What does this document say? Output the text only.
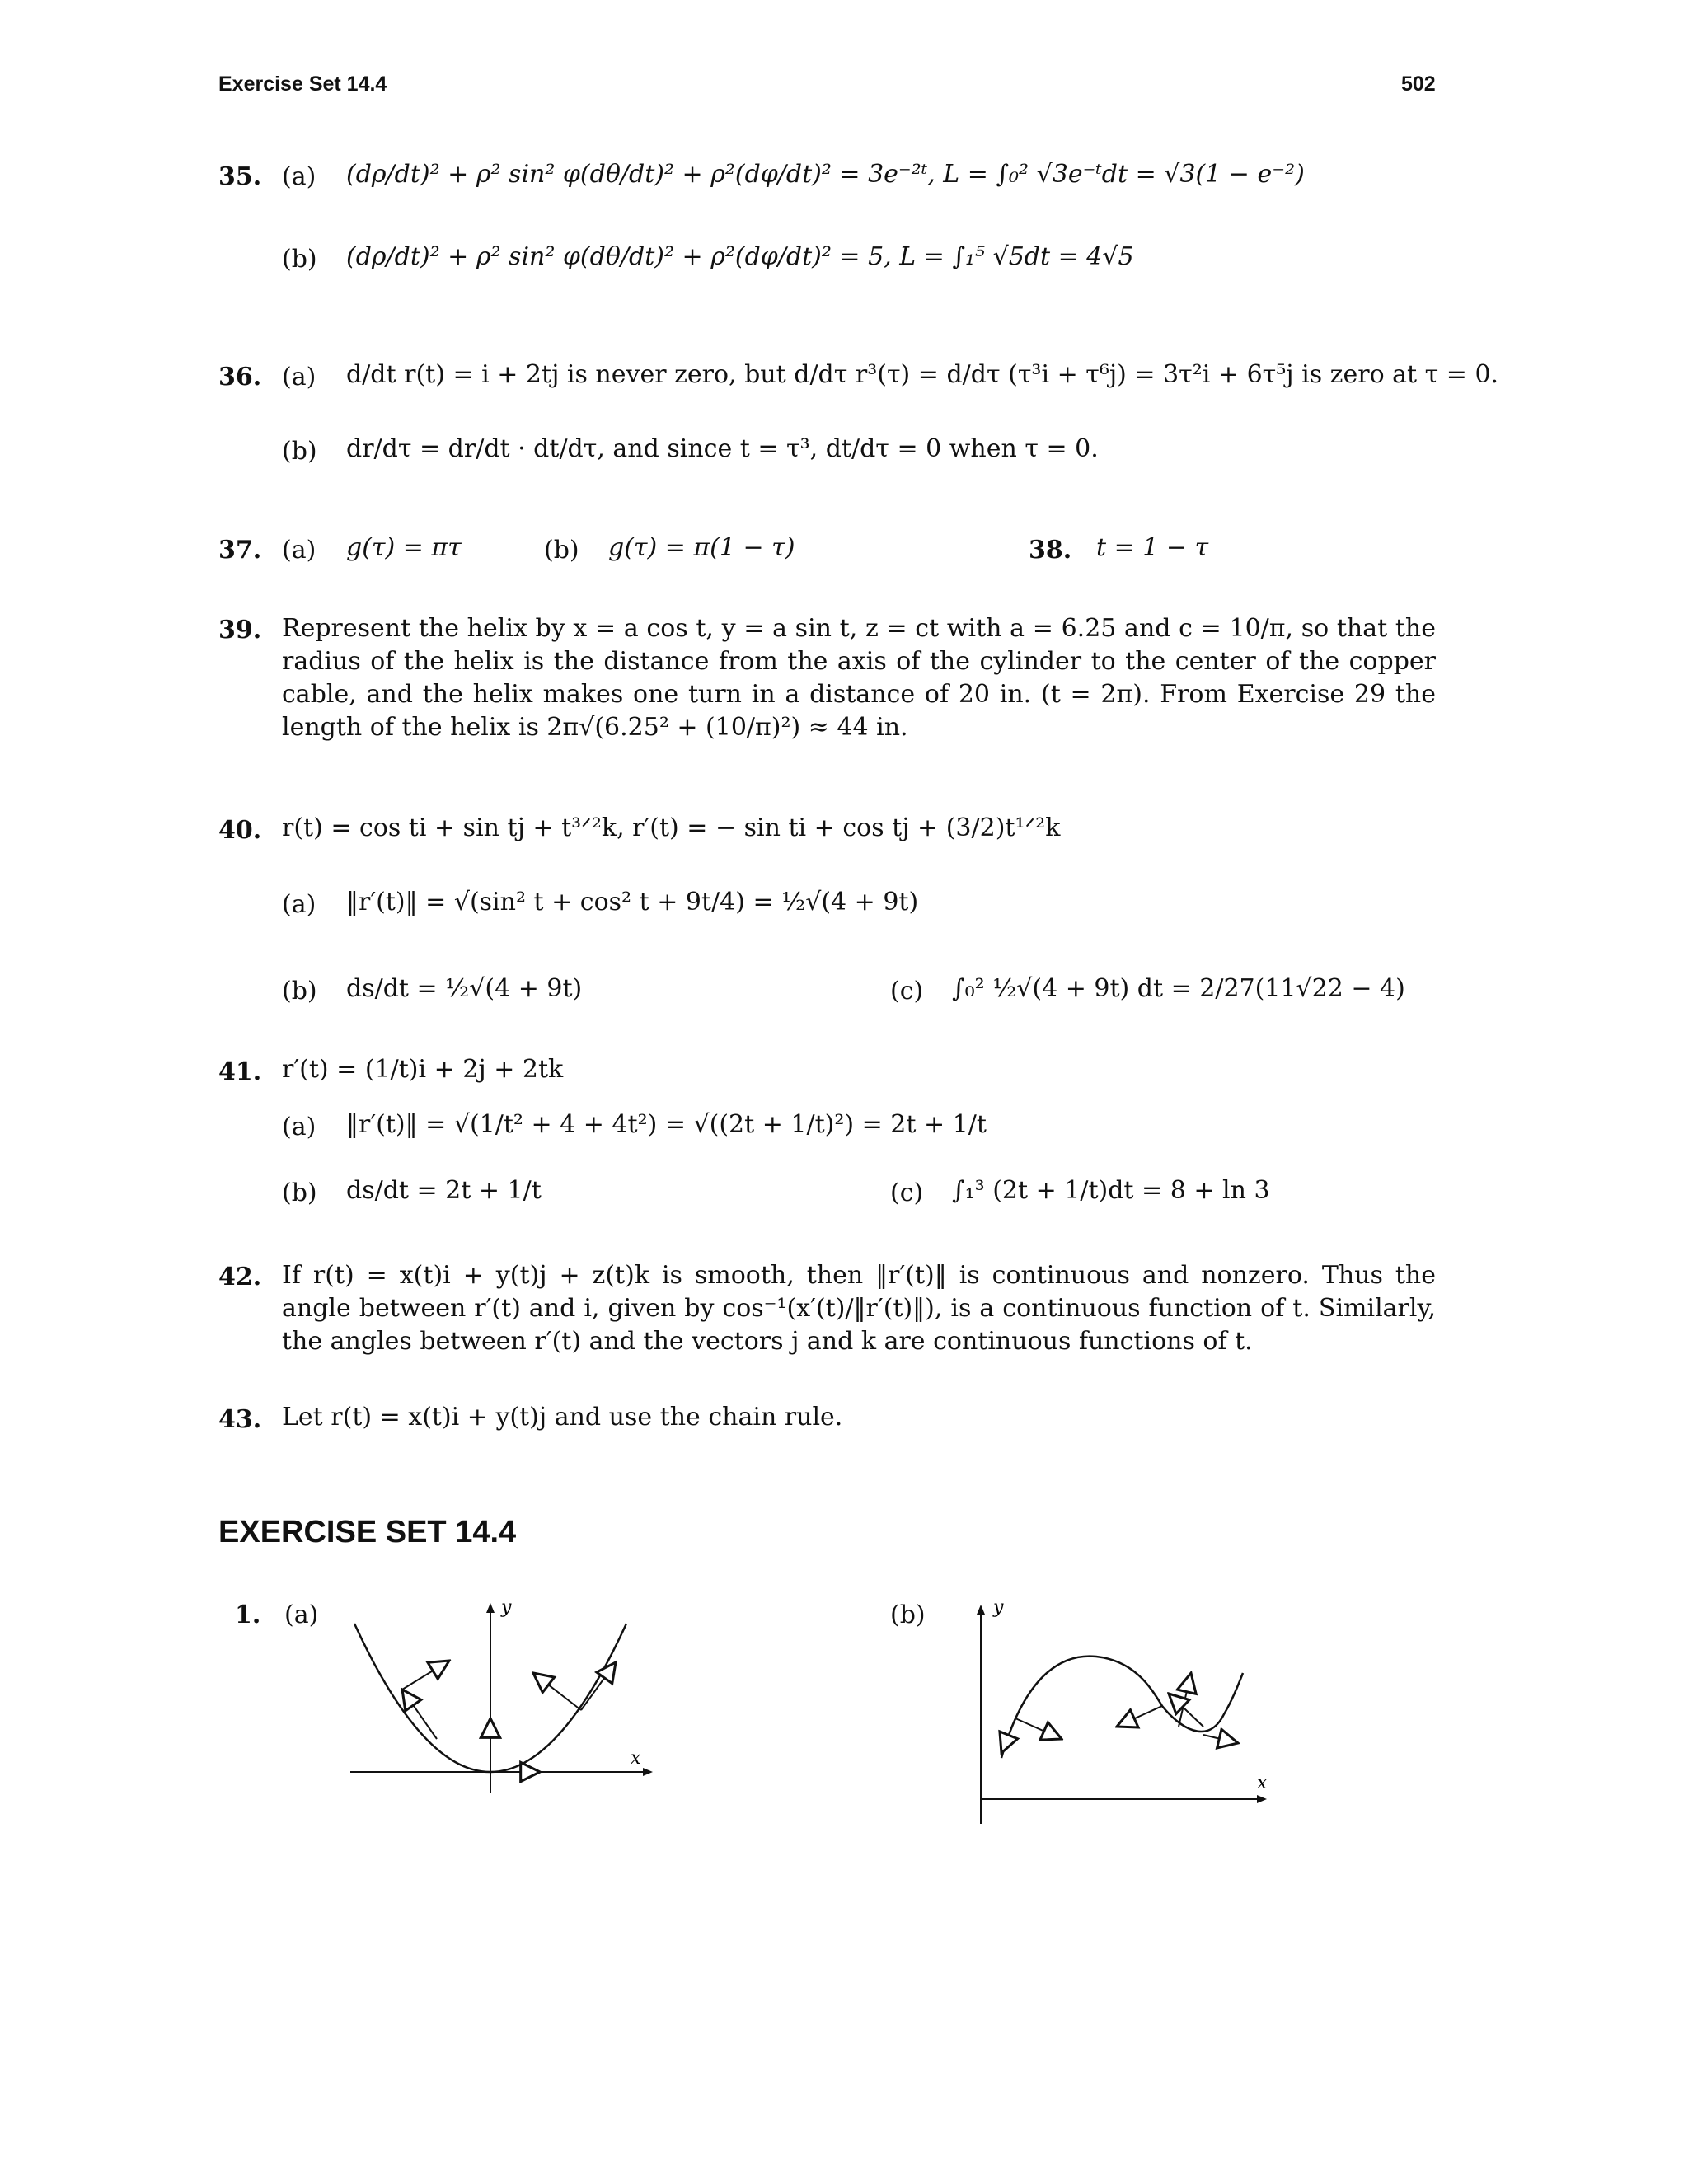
Exercise Set 14.4	502
35. (a) (dρ/dt)² + ρ² sin² φ(dθ/dt)² + ρ²(dφ/dt)² = 3e⁻²ᵗ, L = ∫₀² √3e⁻ᵗdt = √3(1 − e⁻²)
(b) (dρ/dt)² + ρ² sin² φ(dθ/dt)² + ρ²(dφ/dt)² = 5, L = ∫₁⁵ √5dt = 4√5
36. (a) d/dt r(t) = i + 2tj is never zero, but d/dτ r³(τ) = d/dτ (τ³i + τ⁶j) = 3τ²i + 6τ⁵j is zero at τ = 0.
(b) dr/dτ = dr/dt · dt/dτ, and since t = τ³, dt/dτ = 0 when τ = 0.
37. (a) g(τ) = πτ	(b) g(τ) = π(1 − τ)	38. t = 1 − τ
39. Represent the helix by x = a cos t, y = a sin t, z = ct with a = 6.25 and c = 10/π, so that the radius of the helix is the distance from the axis of the cylinder to the center of the copper cable, and the helix makes one turn in a distance of 20 in. (t = 2π). From Exercise 29 the length of the helix is 2π√(6.25² + (10/π)²) ≈ 44 in.
40. r(t) = cos ti + sin tj + t³ᐟ²k, r′(t) = − sin ti + cos tj + (3/2)t¹ᐟ²k
(a) ‖r′(t)‖ = √(sin² t + cos² t + 9t/4) = ½√(4 + 9t)
(b) ds/dt = ½√(4 + 9t)	(c) ∫₀² ½√(4 + 9t) dt = 2/27(11√22 − 4)
41. r′(t) = (1/t)i + 2j + 2tk
(a) ‖r′(t)‖ = √(1/t² + 4 + 4t²) = √((2t + 1/t)²) = 2t + 1/t
(b) ds/dt = 2t + 1/t	(c) ∫₁³ (2t + 1/t)dt = 8 + ln 3
42. If r(t) = x(t)i + y(t)j + z(t)k is smooth, then ‖r′(t)‖ is continuous and nonzero. Thus the angle between r′(t) and i, given by cos⁻¹(x′(t)/‖r′(t)‖), is a continuous function of t. Similarly, the angles between r′(t) and the vectors j and k are continuous functions of t.
43. Let r(t) = x(t)i + y(t)j and use the chain rule.
EXERCISE SET 14.4
1. (a)	(b)
y
x
y
x
